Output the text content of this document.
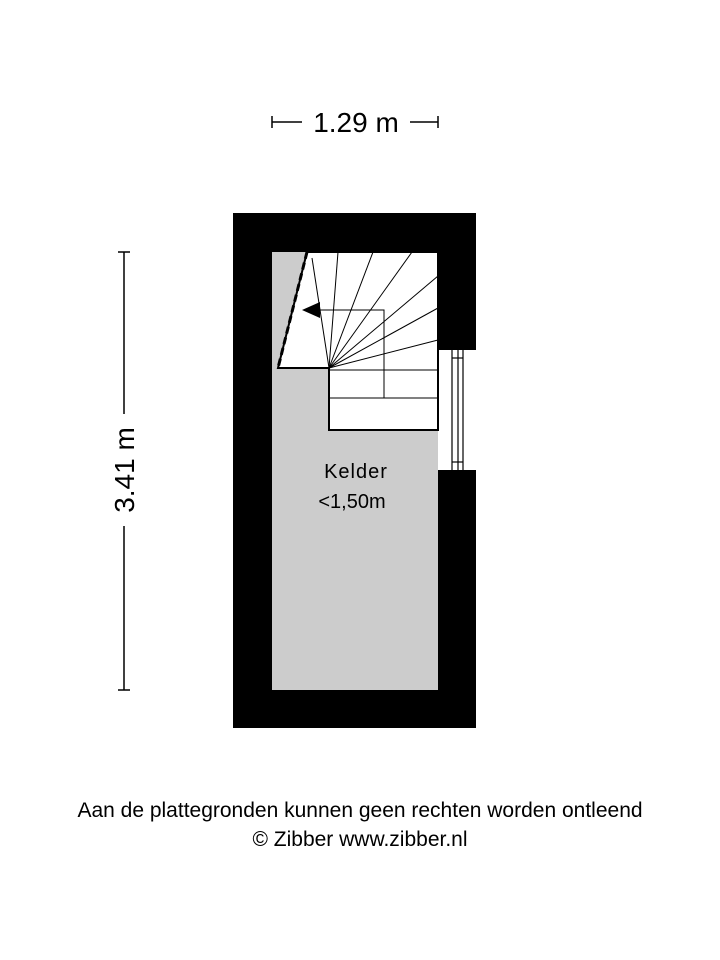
1.29 m
3.41 m	Kelder
<1,50m
Aan de plattegronden kunnen geen rechten worden ontleend
© Zibber www.zibber.nl
